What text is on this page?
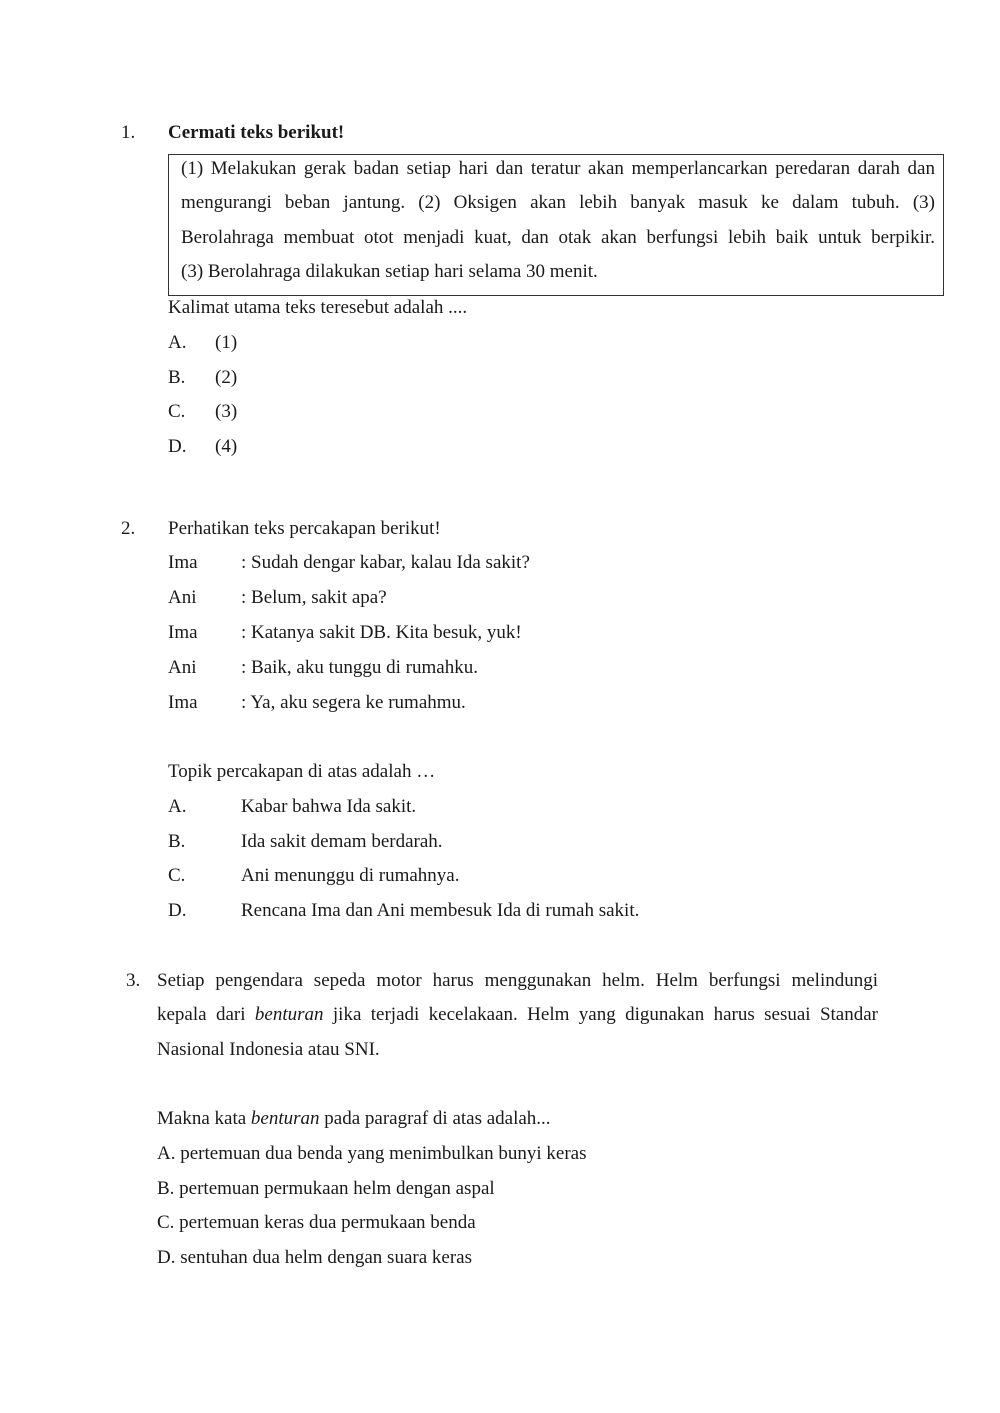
1. Cermati teks berikut!
(1) Melakukan gerak badan setiap hari dan teratur akan memperlancarkan peredaran darah dan
mengurangi beban jantung. (2) Oksigen akan lebih banyak masuk ke dalam tubuh. (3)
Berolahraga membuat otot menjadi kuat, dan otak akan berfungsi lebih baik untuk berpikir.
(3) Berolahraga dilakukan setiap hari selama 30 menit.
Kalimat utama teks teresebut adalah ....
A. (1)
B. (2)
C. (3)
D. (4)
2. Perhatikan teks percakapan berikut!
Ima : Sudah dengar kabar, kalau Ida sakit?
Ani : Belum, sakit apa?
Ima : Katanya sakit DB. Kita besuk, yuk!
Ani : Baik, aku tunggu di rumahku.
Ima : Ya, aku segera ke rumahmu.
Topik percakapan di atas adalah …
A.	Kabar bahwa Ida sakit.
B.	Ida sakit demam berdarah.
C.	Ani menunggu di rumahnya.
D.	Rencana Ima dan Ani membesuk Ida di rumah sakit.
3. Setiap pengendara sepeda motor harus menggunakan helm. Helm berfungsi melindungi
kepala dari benturan jika terjadi kecelakaan. Helm yang digunakan harus sesuai Standar
Nasional Indonesia atau SNI.
Makna kata benturan pada paragraf di atas adalah...
A. pertemuan dua benda yang menimbulkan bunyi keras
B. pertemuan permukaan helm dengan aspal
C. pertemuan keras dua permukaan benda
D. sentuhan dua helm dengan suara keras
